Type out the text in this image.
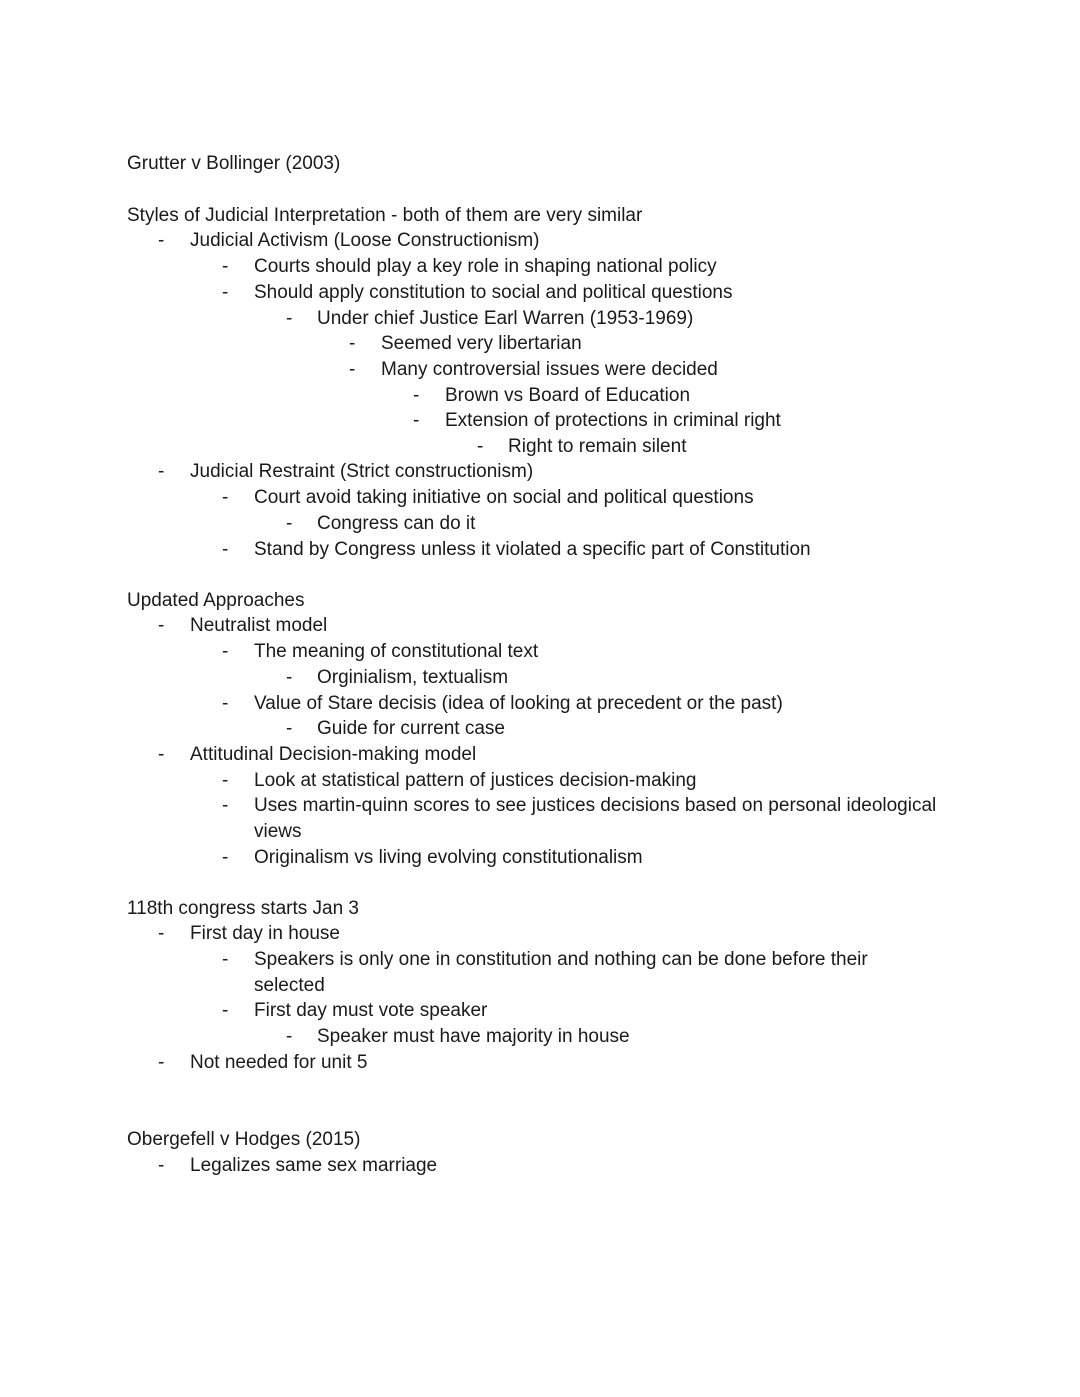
Grutter v Bollinger (2003)
Styles of Judicial Interpretation - both of them are very similar
- Judicial Activism (Loose Constructionism)
- Courts should play a key role in shaping national policy
- Should apply constitution to social and political questions
- Under chief Justice Earl Warren (1953-1969)
- Seemed very libertarian
- Many controversial issues were decided
- Brown vs Board of Education
- Extension of protections in criminal right
- Right to remain silent
- Judicial Restraint (Strict constructionism)
- Court avoid taking initiative on social and political questions
- Congress can do it
- Stand by Congress unless it violated a specific part of Constitution
Updated Approaches
- Neutralist model
- The meaning of constitutional text
- Orginialism, textualism
- Value of Stare decisis (idea of looking at precedent or the past)
- Guide for current case
- Attitudinal Decision-making model
- Look at statistical pattern of justices decision-making
- Uses martin-quinn scores to see justices decisions based on personal ideological
views
- Originalism vs living evolving constitutionalism
118th congress starts Jan 3
- First day in house
- Speakers is only one in constitution and nothing can be done before their
selected
- First day must vote speaker
- Speaker must have majority in house
- Not needed for unit 5
Obergefell v Hodges (2015)
- Legalizes same sex marriage
